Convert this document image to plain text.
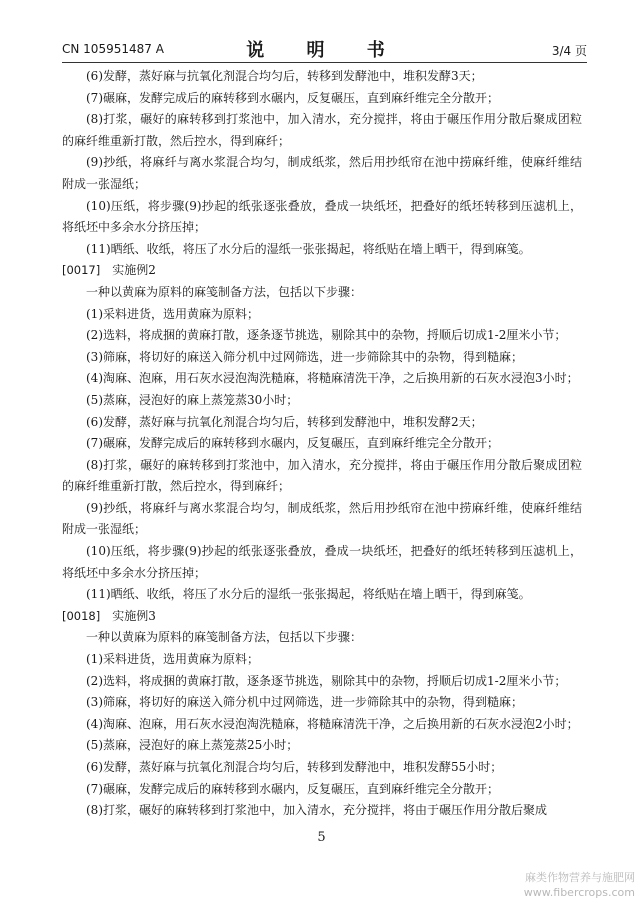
CN 105951487 A	说 明 书	3/4 页

(6)发酵，蒸好麻与抗氧化剂混合均匀后，转移到发酵池中，堆积发酵3天；

(7)碾麻，发酵完成后的麻转移到水碾内，反复碾压，直到麻纤维完全分散开；

(8)打浆，碾好的麻转移到打浆池中，加入清水，充分搅拌，将由于碾压作用分散后聚成团粒的麻纤维重新打散，然后控水，得到麻纤；

(9)抄纸，将麻纤与离水浆混合均匀，制成纸浆，然后用抄纸帘在池中捞麻纤维，使麻纤维结附成一张湿纸；

(10)压纸，将步骤(9)抄起的纸张逐张叠放，叠成一块纸坯，把叠好的纸坯转移到压滤机上，将纸坯中多余水分挤压掉；

(11)晒纸、收纸，将压了水分后的湿纸一张张揭起，将纸贴在墙上晒干，得到麻笺。

[0017] 实施例2

一种以黄麻为原料的麻笺制备方法，包括以下步骤：

(1)采料进货，选用黄麻为原料；

(2)选料，将成捆的黄麻打散，逐条逐节挑选，剔除其中的杂物，捋顺后切成1-2厘米小节；

(3)筛麻，将切好的麻送入筛分机中过网筛选，进一步筛除其中的杂物，得到糙麻；

(4)淘麻、泡麻，用石灰水浸泡淘洗糙麻，将糙麻清洗干净，之后换用新的石灰水浸泡3小时；

(5)蒸麻，浸泡好的麻上蒸笼蒸30小时；

(6)发酵，蒸好麻与抗氧化剂混合均匀后，转移到发酵池中，堆积发酵2天；

(7)碾麻，发酵完成后的麻转移到水碾内，反复碾压，直到麻纤维完全分散开；

(8)打浆，碾好的麻转移到打浆池中，加入清水，充分搅拌，将由于碾压作用分散后聚成团粒的麻纤维重新打散，然后控水，得到麻纤；

(9)抄纸，将麻纤与离水浆混合均匀，制成纸浆，然后用抄纸帘在池中捞麻纤维，使麻纤维结附成一张湿纸；

(10)压纸，将步骤(9)抄起的纸张逐张叠放，叠成一块纸坯，把叠好的纸坯转移到压滤机上，将纸坯中多余水分挤压掉；

(11)晒纸、收纸，将压了水分后的湿纸一张张揭起，将纸贴在墙上晒干，得到麻笺。

[0018] 实施例3

一种以黄麻为原料的麻笺制备方法，包括以下步骤：

(1)采料进货，选用黄麻为原料；

(2)选料，将成捆的黄麻打散，逐条逐节挑选，剔除其中的杂物，捋顺后切成1-2厘米小节；

(3)筛麻，将切好的麻送入筛分机中过网筛选，进一步筛除其中的杂物，得到糙麻；

(4)淘麻、泡麻，用石灰水浸泡淘洗糙麻，将糙麻清洗干净，之后换用新的石灰水浸泡2小时；

(5)蒸麻，浸泡好的麻上蒸笼蒸25小时；

(6)发酵，蒸好麻与抗氧化剂混合均匀后，转移到发酵池中，堆积发酵55小时；

(7)碾麻，发酵完成后的麻转移到水碾内，反复碾压，直到麻纤维完全分散开；

(8)打浆，碾好的麻转移到打浆池中，加入清水，充分搅拌，将由于碾压作用分散后聚成

5
麻类作物营养与施肥网
www.fibercrops.com
